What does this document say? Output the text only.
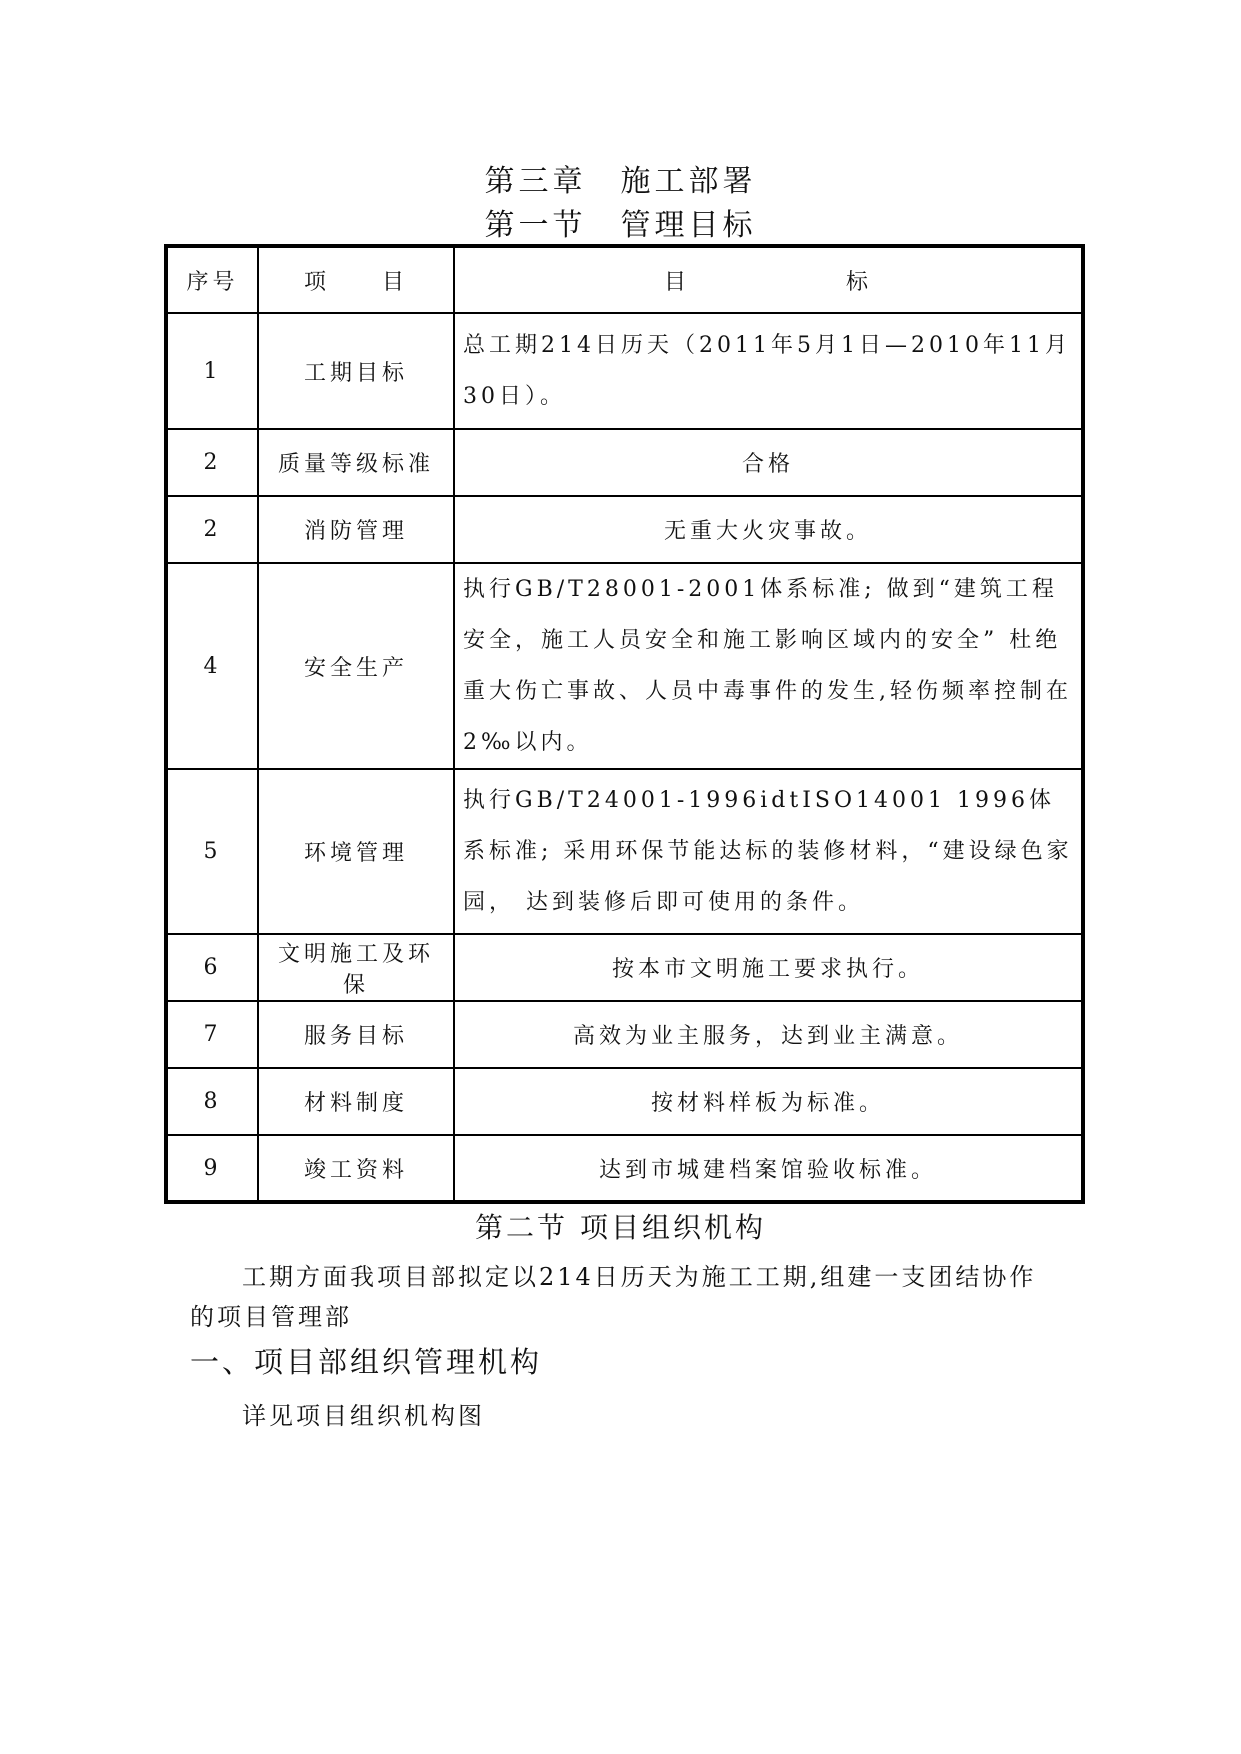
第三章　施工部署
第一节　管理目标
序号	项　　目	目　　　　　　标
1	工期目标	总工期214日历天（2011年5月1日—2010年11月30日）。
2	质量等级标准	合格
2	消防管理	无重大火灾事故。
4	安全生产	执行GB/T28001-2001体系标准; 做到“建筑工程安全，施工人员安全和施工影响区域内的安全” 杜绝重大伤亡事故、人员中毒事件的发生,轻伤频率控制在2‰以内。
5	环境管理	执行GB/T24001-1996idtISO14001 1996体系标准; 采用环保节能达标的装修材料，“建设绿色家园， 达到装修后即可使用的条件。
6	文明施工及环保	按本市文明施工要求执行。
7	服务目标	高效为业主服务，达到业主满意。
8	材料制度	按材料样板为标准。
9	竣工资料	达到市城建档案馆验收标准。
第二节 项目组织机构

工期方面我项目部拟定以214日历天为施工工期,组建一支团结协作的项目管理部

一、项目部组织管理机构

详见项目组织机构图
